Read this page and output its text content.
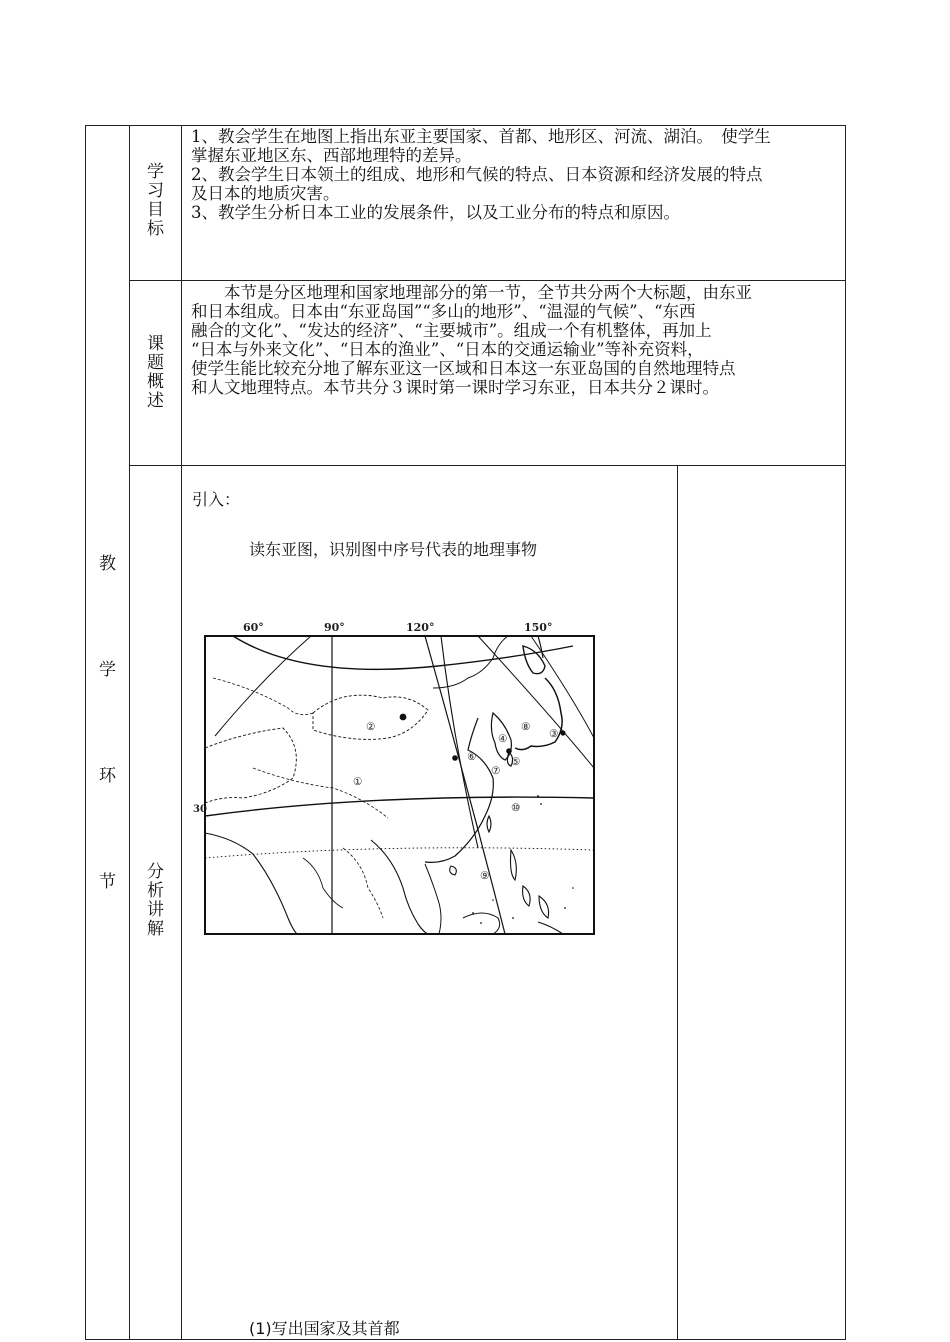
教
学
环
节
学
习
目
标

1、教会学生在地图上指出东亚主要国家、首都、地形区、河流、湖泊。　使学生

掌握东亚地区东、西部地理特的差异。

2、教会学生日本领土的组成、地形和气候的特点、日本资源和经济发展的特点

及日本的地质灾害。

3、教学生分析日本工业的发展条件，以及工业分布的特点和原因。

课
题
概
述

　　本节是分区地理和国家地理部分的第一节，全节共分两个大标题，由东亚

和日本组成。日本由“东亚岛国”“多山的地形”、“温湿的气候”、“东西

融合的文化”、“发达的经济”、“主要城市”。组成一个有机整体，再加上

“日本与外来文化”、“日本的渔业”、“日本的交通运输业”等补充资料，

使学生能比较充分地了解东亚这一区域和日本这一东亚岛国的自然地理特点

和人文地理特点。本节共分３课时第一课时学习东亚，日本共分２课时。

分
析
讲
解
引入：
读东亚图，识别图中序号代表的地理事物
(1)写出国家及其首都
60°	90°	120°	150°
30
①
②
③
④
⑤
⑥
⑦
⑧
⑨
⑩
